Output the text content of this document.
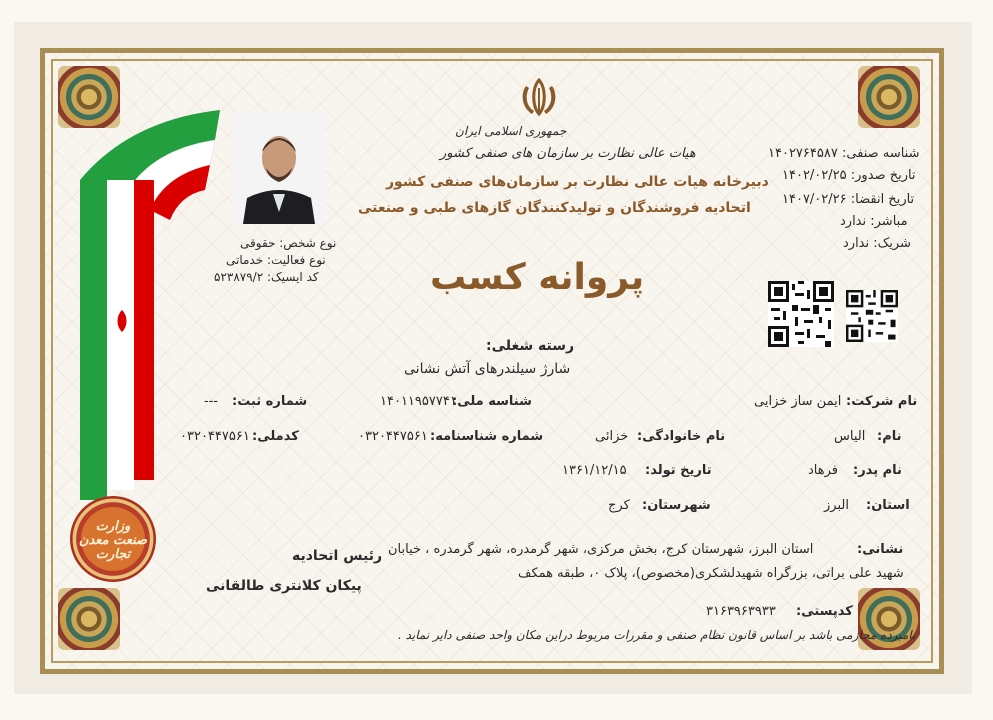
جمهوری اسلامی ایران
هیات عالی نظارت بر سازمان های صنفی کشور
دبیرخانه هیات عالی نظارت بر سازمان‌های صنفی کشور
اتحادیه فروشندگان و تولیدکنندگان گازهای طبی و صنعتی
پروانه کسب
نوع شخص: حقوقی
نوع فعالیت: خدماتی
کد ایسیک: ۵۲۳۸۷۹/۲
شناسه صنفی: ۱۴۰۲۷۶۴۵۸۷
تاریخ صدور: ۱۴۰۲/۰۲/۲۵
تاریخ انقضا: ۱۴۰۷/۰۲/۲۶
مباشر: ندارد
شریک: ندارد
رسته شغلی:
شارژ سیلندرهای آتش نشانی
نام شرکت:
ایمن ساز خزایی
شناسه ملی:
۱۴۰۱۱۹۵۷۷۴۱
شماره ثبت:
---
نام:
الیاس
نام خانوادگی:
خزائی
شماره شناسنامه:
۰۳۲۰۴۴۷۵۶۱
کدملی:
۰۳۲۰۴۴۷۵۶۱
نام پدر:
فرهاد
تاریخ تولد:
۱۳۶۱/۱۲/۱۵
استان:
البرز
شهرستان:
کرج
نشانی:
استان البرز، شهرستان کرج، بخش مرکزی، شهر گرمدره، شهر گرمدره ، خیابان
شهید علی براتی، بزرگراه شهیدلشکری(مخصوص)، پلاک ۰، طبقه همکف
کدپستی:
۳۱۶۳۹۶۳۹۳۳
رئیس اتحادیه
پیکان کلانتری طالقانی
وزارت صنعت معدن تجارت
نامبرده مجازمی باشد بر اساس قانون نظام صنفی و مقررات مربوط دراین مکان واحد صنفی دایر نماید .
